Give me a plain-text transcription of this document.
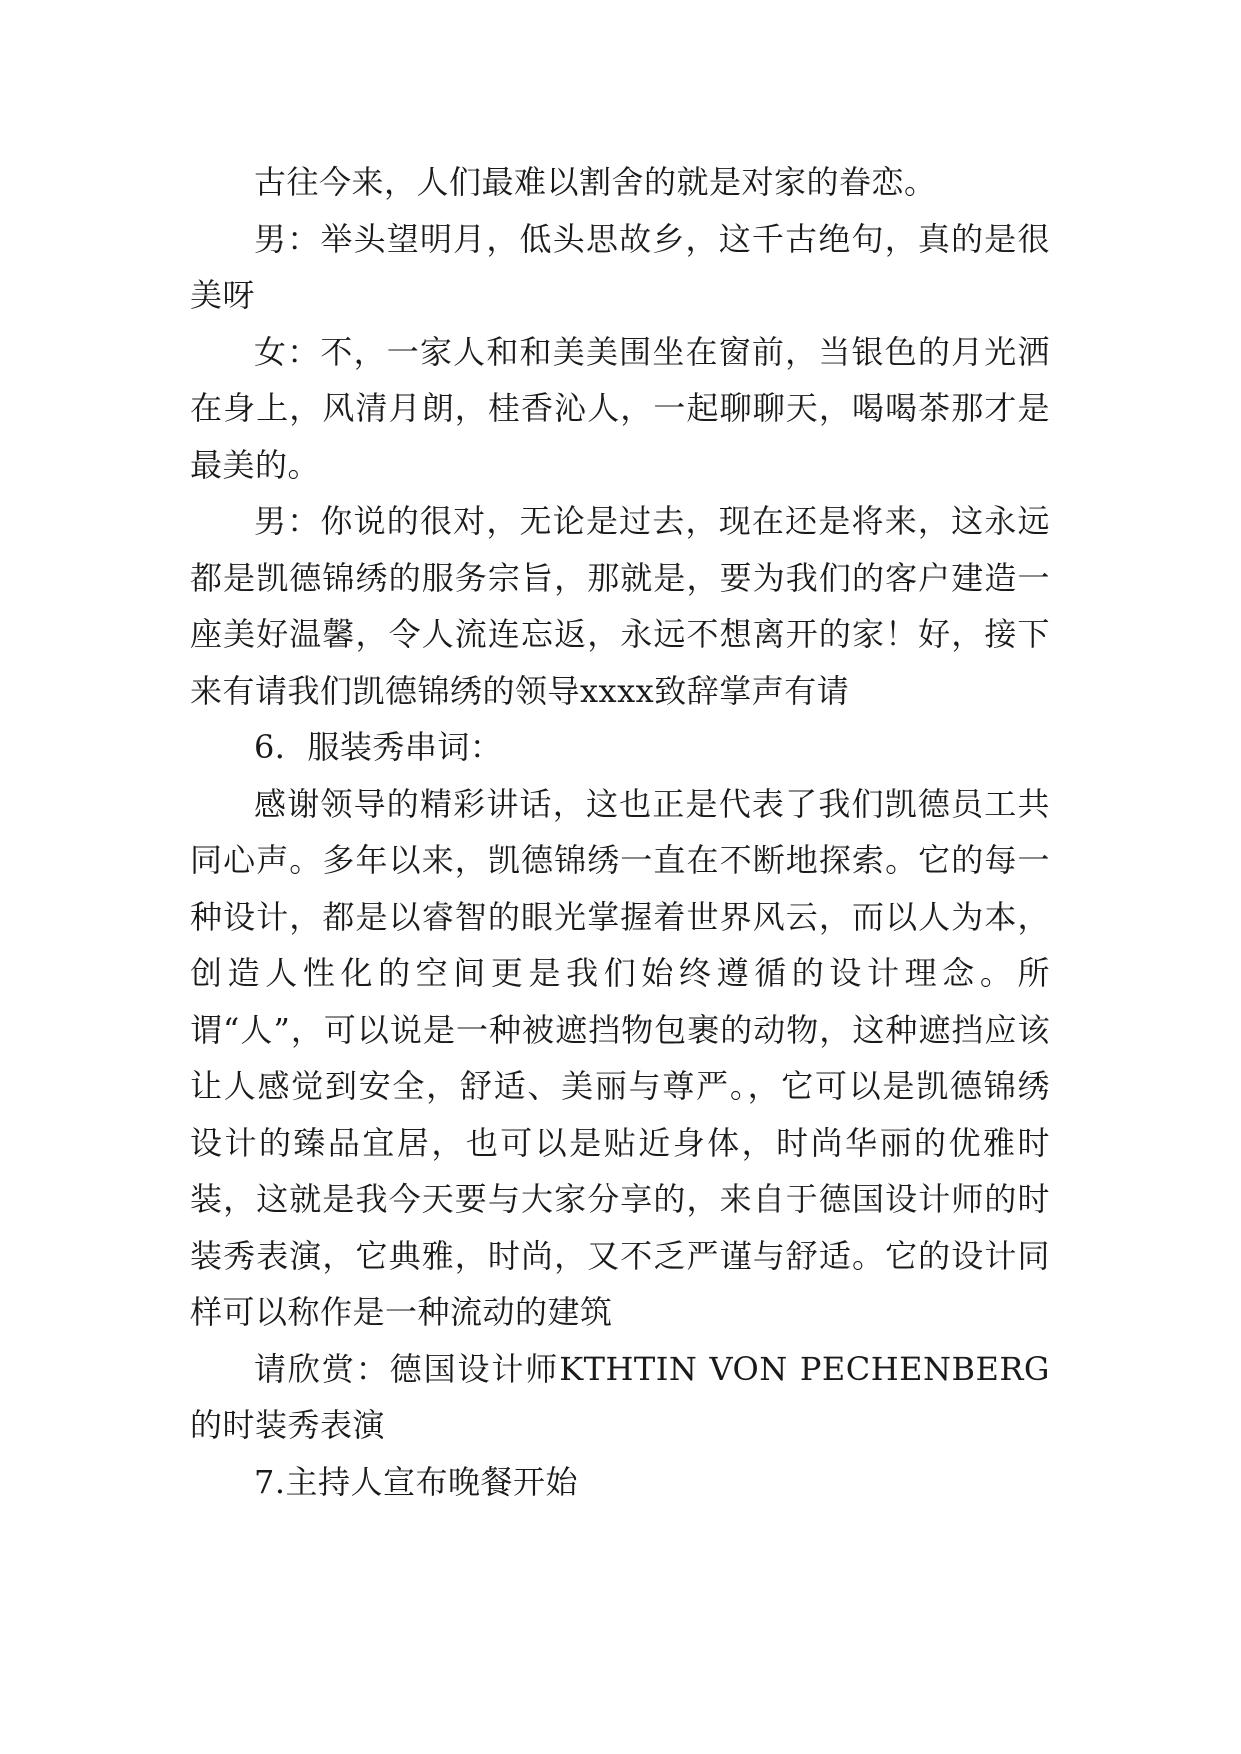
古往今来，人们最难以割舍的就是对家的眷恋。

男：举头望明月，低头思故乡，这千古绝句，真的是很美呀

女：不，一家人和和美美围坐在窗前，当银色的月光洒在身上，风清月朗，桂香沁人，一起聊聊天，喝喝茶那才是最美的。

男：你说的很对，无论是过去，现在还是将来，这永远都是凯德锦绣的服务宗旨，那就是，要为我们的客户建造一座美好温馨，令人流连忘返，永远不想离开的家！好，接下来有请我们凯德锦绣的领导xxxx致辞掌声有请

6．服装秀串词：

感谢领导的精彩讲话，这也正是代表了我们凯德员工共同心声。多年以来，凯德锦绣一直在不断地探索。它的每一种设计，都是以睿智的眼光掌握着世界风云，而以人为本，创造人性化的空间更是我们始终遵循的设计理念。所谓“人”，可以说是一种被遮挡物包裹的动物，这种遮挡应该让人感觉到安全，舒适、美丽与尊严。，它可以是凯德锦绣设计的臻品宜居，也可以是贴近身体，时尚华丽的优雅时装，这就是我今天要与大家分享的，来自于德国设计师的时装秀表演，它典雅，时尚，又不乏严谨与舒适。它的设计同样可以称作是一种流动的建筑

请欣赏：德国设计师KTHTIN VON PECHENBERG的时装秀表演

7.主持人宣布晚餐开始
